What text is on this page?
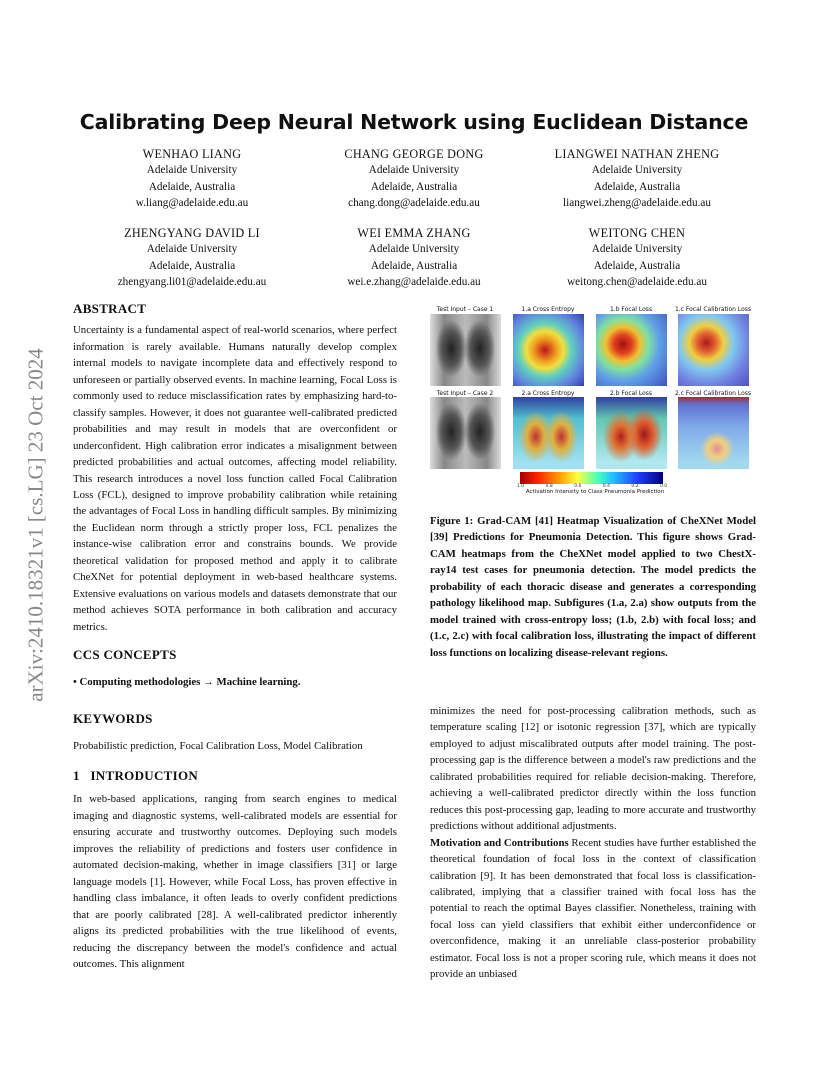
arXiv:2410.18321v1 [cs.LG] 23 Oct 2024
Calibrating Deep Neural Network using Euclidean Distance
WENHAO LIANG
Adelaide University
Adelaide, Australia
w.liang@adelaide.edu.au
CHANG GEORGE DONG
Adelaide University
Adelaide, Australia
chang.dong@adelaide.edu.au
LIANGWEI NATHAN ZHENG
Adelaide University
Adelaide, Australia
liangwei.zheng@adelaide.edu.au
ZHENGYANG DAVID LI
Adelaide University
Adelaide, Australia
zhengyang.li01@adelaide.edu.au
WEI EMMA ZHANG
Adelaide University
Adelaide, Australia
wei.e.zhang@adelaide.edu.au
WEITONG CHEN
Adelaide University
Adelaide, Australia
weitong.chen@adelaide.edu.au
ABSTRACT

Uncertainty is a fundamental aspect of real-world scenarios, where perfect information is rarely available. Humans naturally develop complex internal models to navigate incomplete data and effectively respond to unforeseen or partially observed events. In machine learning, Focal Loss is commonly used to reduce misclassification rates by emphasizing hard-to-classify samples. However, it does not guarantee well-calibrated predicted probabilities and may result in models that are overconfident or underconfident. High calibration error indicates a misalignment between predicted probabilities and actual outcomes, affecting model reliability. This research introduces a novel loss function called Focal Calibration Loss (FCL), designed to improve probability calibration while retaining the advantages of Focal Loss in handling difficult samples. By minimizing the Euclidean norm through a strictly proper loss, FCL penalizes the instance-wise calibration error and constrains bounds. We provide theoretical validation for proposed method and apply it to calibrate CheXNet for potential deployment in web-based healthcare systems. Extensive evaluations on various models and datasets demonstrate that our method achieves SOTA performance in both calibration and accuracy metrics.

CCS CONCEPTS

• Computing methodologies → Machine learning.

KEYWORDS

Probabilistic prediction, Focal Calibration Loss, Model Calibration

1   INTRODUCTION

In web-based applications, ranging from search engines to medical imaging and diagnostic systems, well-calibrated models are essential for ensuring accurate and trustworthy outcomes. Deploying such models improves the reliability of predictions and fosters user confidence in automated decision-making, whether in image classifiers [31] or large language models [1]. However, while Focal Loss, has proven effective in handling class imbalance, it often leads to overly confident predictions that are poorly calibrated [28]. A well-calibrated predictor inherently aligns its predicted probabilities with the true likelihood of events, reducing the discrepancy between the model's confidence and actual outcomes. This alignment

Test Input – Case 1	1.a Cross Entropy	1.b Focal Loss	1.c Focal Calibration Loss
Test Input – Case 2	2.a Cross Entropy	2.b Focal Loss	2.c Focal Calibration Loss
1.0	0.8	0.6	0.4	0.2	0.0
Activation Intensity to Class Pneumonia Prediction
Figure 1: Grad-CAM [41] Heatmap Visualization of CheXNet Model [39] Predictions for Pneumonia Detection. This figure shows Grad-CAM heatmaps from the CheXNet model applied to two ChestX-ray14 test cases for pneumonia detection. The model predicts the probability of each thoracic disease and generates a corresponding pathology likelihood map. Subfigures (1.a, 2.a) show outputs from the model trained with cross-entropy loss; (1.b, 2.b) with focal loss; and (1.c, 2.c) with focal calibration loss, illustrating the impact of different loss functions on localizing disease-relevant regions.

minimizes the need for post-processing calibration methods, such as temperature scaling [12] or isotonic regression [37], which are typically employed to adjust miscalibrated outputs after model training. The post-processing gap is the difference between a model's raw predictions and the calibrated probabilities required for reliable decision-making. Therefore, achieving a well-calibrated predictor directly within the loss function reduces this post-processing gap, leading to more accurate and trustworthy predictions without additional adjustments.

Motivation and Contributions Recent studies have further established the theoretical foundation of focal loss in the context of classification calibration [9]. It has been demonstrated that focal loss is classification-calibrated, implying that a classifier trained with focal loss has the potential to reach the optimal Bayes classifier. Nonetheless, training with focal loss can yield classifiers that exhibit either underconfidence or overconfidence, making it an unreliable class-posterior probability estimator. Focal loss is not a proper scoring rule, which means it does not provide an unbiased
